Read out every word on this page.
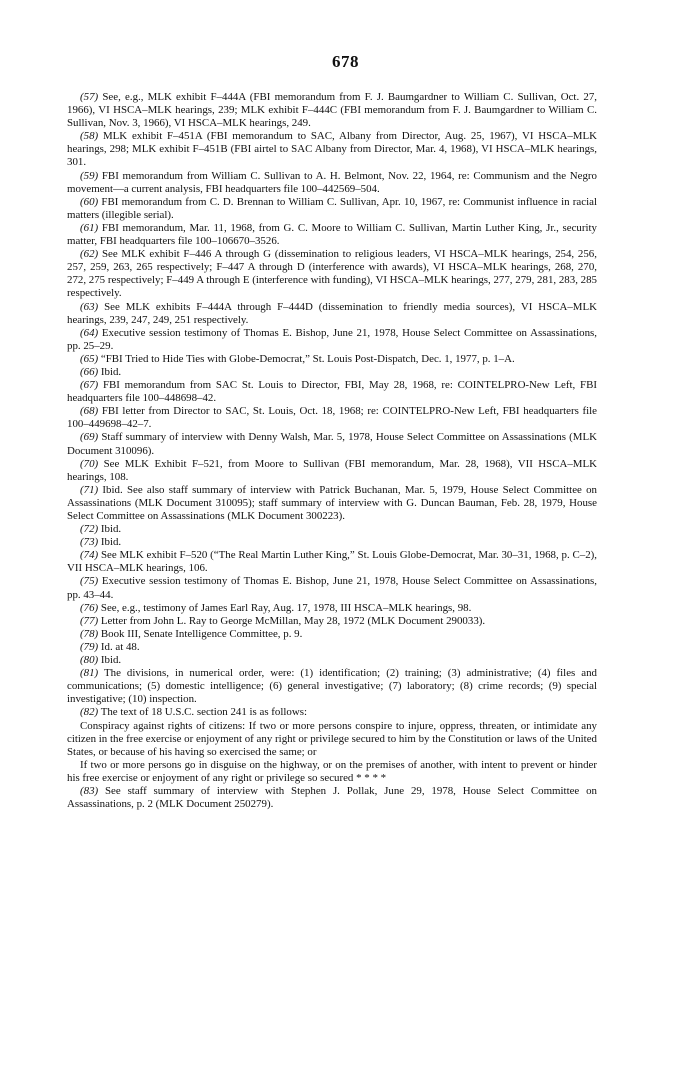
678

(57) See, e.g., MLK exhibit F–444A (FBI memorandum from F. J. Baumgardner to William C. Sullivan, Oct. 27, 1966), VI HSCA–MLK hearings, 239; MLK exhibit F–444C (FBI memorandum from F. J. Baumgardner to William C. Sullivan, Nov. 3, 1966), VI HSCA–MLK hearings, 249.

(58) MLK exhibit F–451A (FBI memorandum to SAC, Albany from Director, Aug. 25, 1967), VI HSCA–MLK hearings, 298; MLK exhibit F–451B (FBI airtel to SAC Albany from Director, Mar. 4, 1968), VI HSCA–MLK hearings, 301.

(59) FBI memorandum from William C. Sullivan to A. H. Belmont, Nov. 22, 1964, re: Communism and the Negro movement—a current analysis, FBI headquarters file 100–442569–504.

(60) FBI memorandum from C. D. Brennan to William C. Sullivan, Apr. 10, 1967, re: Communist influence in racial matters (illegible serial).

(61) FBI memorandum, Mar. 11, 1968, from G. C. Moore to William C. Sullivan, Martin Luther King, Jr., security matter, FBI headquarters file 100–106670–3526.

(62) See MLK exhibit F–446 A through G (dissemination to religious leaders, VI HSCA–MLK hearings, 254, 256, 257, 259, 263, 265 respectively; F–447 A through D (interference with awards), VI HSCA–MLK hearings, 268, 270, 272, 275 respectively; F–449 A through E (interference with funding), VI HSCA–MLK hearings, 277, 279, 281, 283, 285 respectively.

(63) See MLK exhibits F–444A through F–444D (dissemination to friendly media sources), VI HSCA–MLK hearings, 239, 247, 249, 251 respectively.

(64) Executive session testimony of Thomas E. Bishop, June 21, 1978, House Select Committee on Assassinations, pp. 25–29.

(65) “FBI Tried to Hide Ties with Globe-Democrat,” St. Louis Post-Dispatch, Dec. 1, 1977, p. 1–A.

(66) Ibid.

(67) FBI memorandum from SAC St. Louis to Director, FBI, May 28, 1968, re: COINTELPRO-New Left, FBI headquarters file 100–448698–42.

(68) FBI letter from Director to SAC, St. Louis, Oct. 18, 1968; re: COINTELPRO-New Left, FBI headquarters file 100–449698–42–7.

(69) Staff summary of interview with Denny Walsh, Mar. 5, 1978, House Select Committee on Assassinations (MLK Document 310096).

(70) See MLK Exhibit F–521, from Moore to Sullivan (FBI memorandum, Mar. 28, 1968), VII HSCA–MLK hearings, 108.

(71) Ibid. See also staff summary of interview with Patrick Buchanan, Mar. 5, 1979, House Select Committee on Assassinations (MLK Document 310095); staff summary of interview with G. Duncan Bauman, Feb. 28, 1979, House Select Committee on Assassinations (MLK Document 300223).

(72) Ibid.

(73) Ibid.

(74) See MLK exhibit F–520 (“The Real Martin Luther King,” St. Louis Globe-Democrat, Mar. 30–31, 1968, p. C–2), VII HSCA–MLK hearings, 106.

(75) Executive session testimony of Thomas E. Bishop, June 21, 1978, House Select Committee on Assassinations, pp. 43–44.

(76) See, e.g., testimony of James Earl Ray, Aug. 17, 1978, III HSCA–MLK hearings, 98.

(77) Letter from John L. Ray to George McMillan, May 28, 1972 (MLK Document 290033).

(78) Book III, Senate Intelligence Committee, p. 9.

(79) Id. at 48.

(80) Ibid.

(81) The divisions, in numerical order, were: (1) identification; (2) training; (3) administrative; (4) files and communications; (5) domestic intelligence; (6) general investigative; (7) laboratory; (8) crime records; (9) special investigative; (10) inspection.

(82) The text of 18 U.S.C. section 241 is as follows:

Conspiracy against rights of citizens: If two or more persons conspire to injure, oppress, threaten, or intimidate any citizen in the free exercise or enjoyment of any right or privilege secured to him by the Constitution or laws of the United States, or because of his having so exercised the same; or

If two or more persons go in disguise on the highway, or on the premises of another, with intent to prevent or hinder his free exercise or enjoyment of any right or privilege so secured * * * *

(83) See staff summary of interview with Stephen J. Pollak, June 29, 1978, House Select Committee on Assassinations, p. 2 (MLK Document 250279).
